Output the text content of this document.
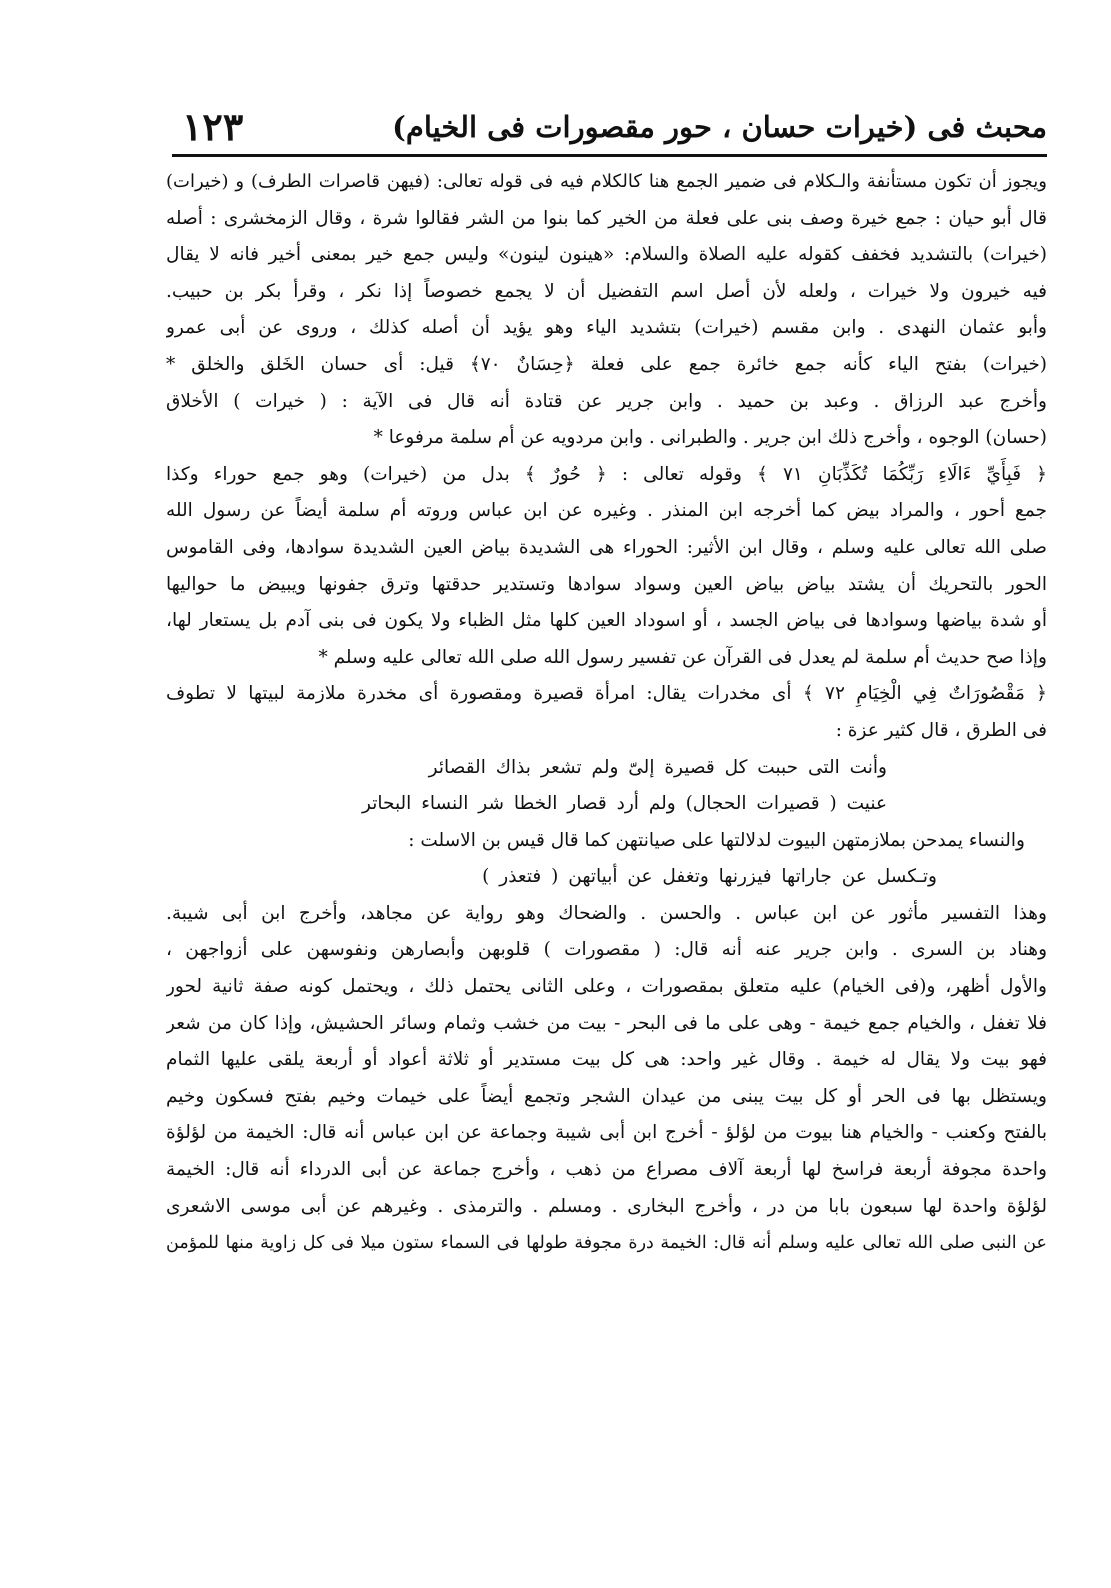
محبث فى (خيرات حسان ، حور مقصورات فى الخيام)
١٢٣
ويجوز أن تكون مستأنفة والـكلام فى ضمير الجمع هنا كالكلام فيه فى قوله تعالى: (فيهن قاصرات الطرف) و (خيرات)
قال أبو حيان : جمع خيرة وصف بنى على فعلة من الخير كما بنوا من الشر فقالوا شرة ، وقال الزمخشرى : أصله
(خيرات) بالتشديد فخفف كقوله عليه الصلاة والسلام: «هينون لينون» وليس جمع خير بمعنى أخير فانه لا يقال
فيه خيرون ولا خيرات ، ولعله لأن أصل اسم التفضيل أن لا يجمع خصوصاً إذا نكر ، وقرأ بكر بن حبيب.
وأبو عثمان النهدى . وابن مقسم (خيرات) بتشديد الياء وهو يؤيد أن أصله كذلك ، وروى عن أبى عمرو
(خيرات) بفتح الياء كأنه جمع خائرة جمع على فعلة ﴿حِسَانٌ ٧٠﴾ قيل: أى حسان الخَلق والخلق *
وأخرج عبد الرزاق . وعبد بن حميد . وابن جرير عن قتادة أنه قال فى الآية : ( خيرات ) الأخلاق
(حسان) الوجوه ، وأخرج ذلك ابن جرير . والطبرانى . وابن مردويه عن أم سلمة مرفوعا *
﴿ فَبِأَيِّ ءَالَاءِ رَبِّكُمَا تُكَذِّبَانِ ٧١ ﴾ وقوله تعالى : ﴿ حُورٌ ﴾ بدل من (خيرات) وهو جمع حوراء وكذا
جمع أحور ، والمراد بيض كما أخرجه ابن المنذر . وغيره عن ابن عباس وروته أم سلمة أيضاً عن رسول الله
صلى الله تعالى عليه وسلم ، وقال ابن الأثير: الحوراء هى الشديدة بياض العين الشديدة سوادها، وفى القاموس
الحور بالتحريك أن يشتد بياض بياض العين وسواد سوادها وتستدير حدقتها وترق جفونها ويبيض ما حواليها
أو شدة بياضها وسوادها فى بياض الجسد ، أو اسوداد العين كلها مثل الظباء ولا يكون فى بنى آدم بل يستعار لها،
وإذا صح حديث أم سلمة لم يعدل فى القرآن عن تفسير رسول الله صلى الله تعالى عليه وسلم *
﴿ مَقْصُورَاتٌ فِي الْخِيَامِ ٧٢ ﴾ أى مخدرات يقال: امرأة قصيرة ومقصورة أى مخدرة ملازمة لبيتها لا تطوف
فى الطرق ، قال كثير عزة :
وأنت التى حببت كل قصيرة إلىّ ولم تشعر بذاك القصائر
عنيت ( قصيرات الحجال) ولم أرد قصار الخطا شر النساء البحاتر
والنساء يمدحن بملازمتهن البيوت لدلالتها على صيانتهن كما قال قيس بن الاسلت :
وتـكسل عن جاراتها فيزرنها وتغفل عن أبياتهن ( فتعذر )
وهذا التفسير مأثور عن ابن عباس . والحسن . والضحاك وهو رواية عن مجاهد، وأخرج ابن أبى شيبة.
وهناد بن السرى . وابن جرير عنه أنه قال: ( مقصورات ) قلوبهن وأبصارهن ونفوسهن على أزواجهن ،
والأول أظهر، و(فى الخيام) عليه متعلق بمقصورات ، وعلى الثانى يحتمل ذلك ، ويحتمل كونه صفة ثانية لحور
فلا تغفل ، والخيام جمع خيمة - وهى على ما فى البحر - بيت من خشب وثمام وسائر الحشيش، وإذا كان من شعر
فهو بيت ولا يقال له خيمة . وقال غير واحد: هى كل بيت مستدير أو ثلاثة أعواد أو أربعة يلقى عليها الثمام
ويستظل بها فى الحر أو كل بيت يبنى من عيدان الشجر وتجمع أيضاً على خيمات وخيم بفتح فسكون وخيم
بالفتح وكعنب - والخيام هنا بيوت من لؤلؤ - أخرج ابن أبى شيبة وجماعة عن ابن عباس أنه قال: الخيمة من لؤلؤة
واحدة مجوفة أربعة فراسخ لها أربعة آلاف مصراع من ذهب ، وأخرج جماعة عن أبى الدرداء أنه قال: الخيمة
لؤلؤة واحدة لها سبعون بابا من در ، وأخرج البخارى . ومسلم . والترمذى . وغيرهم عن أبى موسى الاشعرى
عن النبى صلى الله تعالى عليه وسلم أنه قال: الخيمة درة مجوفة طولها فى السماء ستون ميلا فى كل زاوية منها للمؤمن
